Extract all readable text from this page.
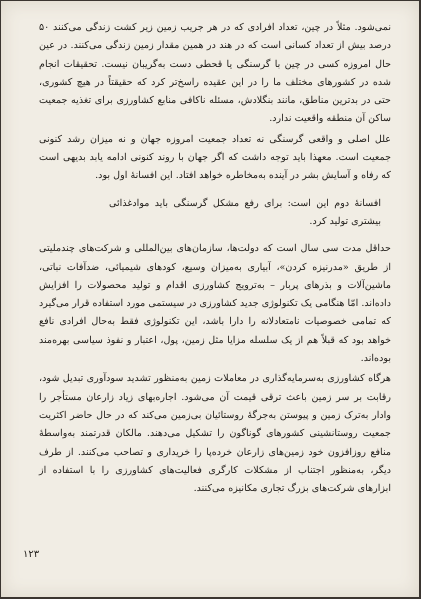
نمی‌شود. مثلاً در چین، تعداد افرادی که در هر جریب زمین زیر کشت زندگی می‌کنند ۵۰ درصد بیش از تعداد کسانی است که در هند در همین مقدار زمین زندگی می‌کنند. در عین حال امروزه کسی در چین با گرسنگی یا قحطی دست به‌گریبان نیست. تحقیقات انجام شده در کشورهای مختلف ما را در این عقیده راسخ‌تر کرد که حقیقتاً در هیچ کشوری، حتی در بدترین مناطق، مانند بنگلادش، مسئله ناکافی منابع کشاورزی برای تغذیه جمعیت ساکن آن منطقه واقعیت ندارد.

علل اصلی و واقعی گرسنگی نه تعداد جمعیت امروزه جهان و نه میزان رشد کنونی جمعیت است. معهذا باید توجه داشت که اگر جهان با روند کنونی ادامه یابد بدیهی است که رفاه و آسایش بشر در آینده به‌مخاطره خواهد افتاد. این افسانهٔ اول بود.

افسانهٔ دوم این است: برای رفع مشکل گرسنگی باید موادغذائی بیشتری تولید کرد.

حداقل مدت سی سال است که دولت‌ها، سازمان‌های بین‌المللی و شرکت‌های چندملیتی از طریق «مدرنیزه کردن»، آبیاری به‌میزان وسیع، کودهای شیمیائی، ضدآفات نباتی، ماشین‌آلات و بذرهای پربار – به‌ترویج کشاورزی اقدام و تولید محصولات را افزایش داده‌اند. امّا هنگامی یک تکنولوژی جدید کشاورزی در سیستمی مورد استفاده قرار می‌گیرد که تمامی خصوصیات نامتعادلانه را دارا باشد، این تکنولوژی فقط به‌حال افرادی نافع خواهد بود که قبلاً هم از یک سلسله مزایا مثل زمین، پول، اعتبار و نفوذ سیاسی بهره‌مند بوده‌اند.

هرگاه کشاورزی به‌سرمایه‌گذاری در معاملات زمین به‌منظور تشدید سودآوری تبدیل شود، رقابت بر سر زمین باعث ترقی قیمت آن می‌شود. اجاره‌بهای زیاد زارعان مستأجر را وادار به‌ترک زمین و پیوستن به‌جرگهٔ روستائیان بی‌زمین می‌کند که در حال حاضر اکثریت جمعیت روستانشینی کشورهای گوناگون را تشکیل می‌دهند. مالکان قدرتمند به‌واسطهٔ منافع روزافزون خود زمین‌های زارعان خرده‌پا را خریداری و تصاحب می‌کنند. از طرف دیگر، به‌منظور اجتناب از مشکلات کارگری فعالیت‌های کشاورزی را با استفاده از ابزارهای شرکت‌های بزرگ تجاری مکانیزه می‌کنند.

۱۲۳
